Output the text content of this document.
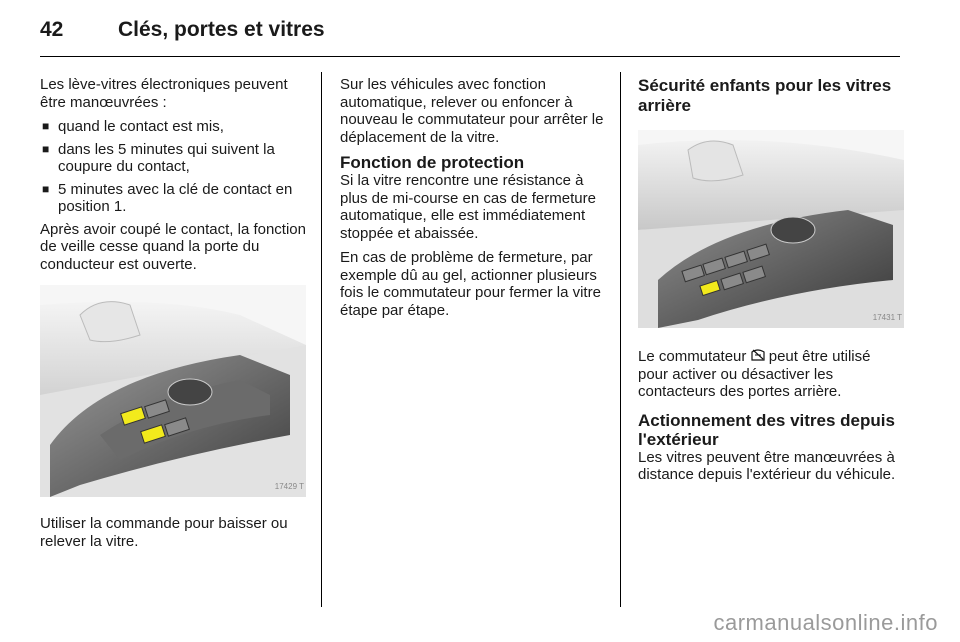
42	Clés, portes et vitres

Les lève-vitres électroniques peuvent être manœuvrées :

■ quand le contact est mis,
■ dans les 5 minutes qui suivent la coupure du contact,
■ 5 minutes avec la clé de contact en position 1.

Après avoir coupé le contact, la fonction de veille cesse quand la porte du conducteur est ouverte.

17429 T

Utiliser la commande pour baisser ou relever la vitre.

Sur les véhicules avec fonction automatique, relever ou enfoncer à nouveau le commutateur pour arrêter le déplacement de la vitre.

Fonction de protection

Si la vitre rencontre une résistance à plus de mi-course en cas de fermeture automatique, elle est immédiatement stoppée et abaissée.

En cas de problème de fermeture, par exemple dû au gel, actionner plusieurs fois le commutateur pour fermer la vitre étape par étape.

Sécurité enfants pour les vitres arrière
17431 T

Le commutateur peut être utilisé pour activer ou désactiver les contacteurs des portes arrière.

Actionnement des vitres depuis l'extérieur

Les vitres peuvent être manœuvrées à distance depuis l'extérieur du véhicule.

carmanualsonline.info
